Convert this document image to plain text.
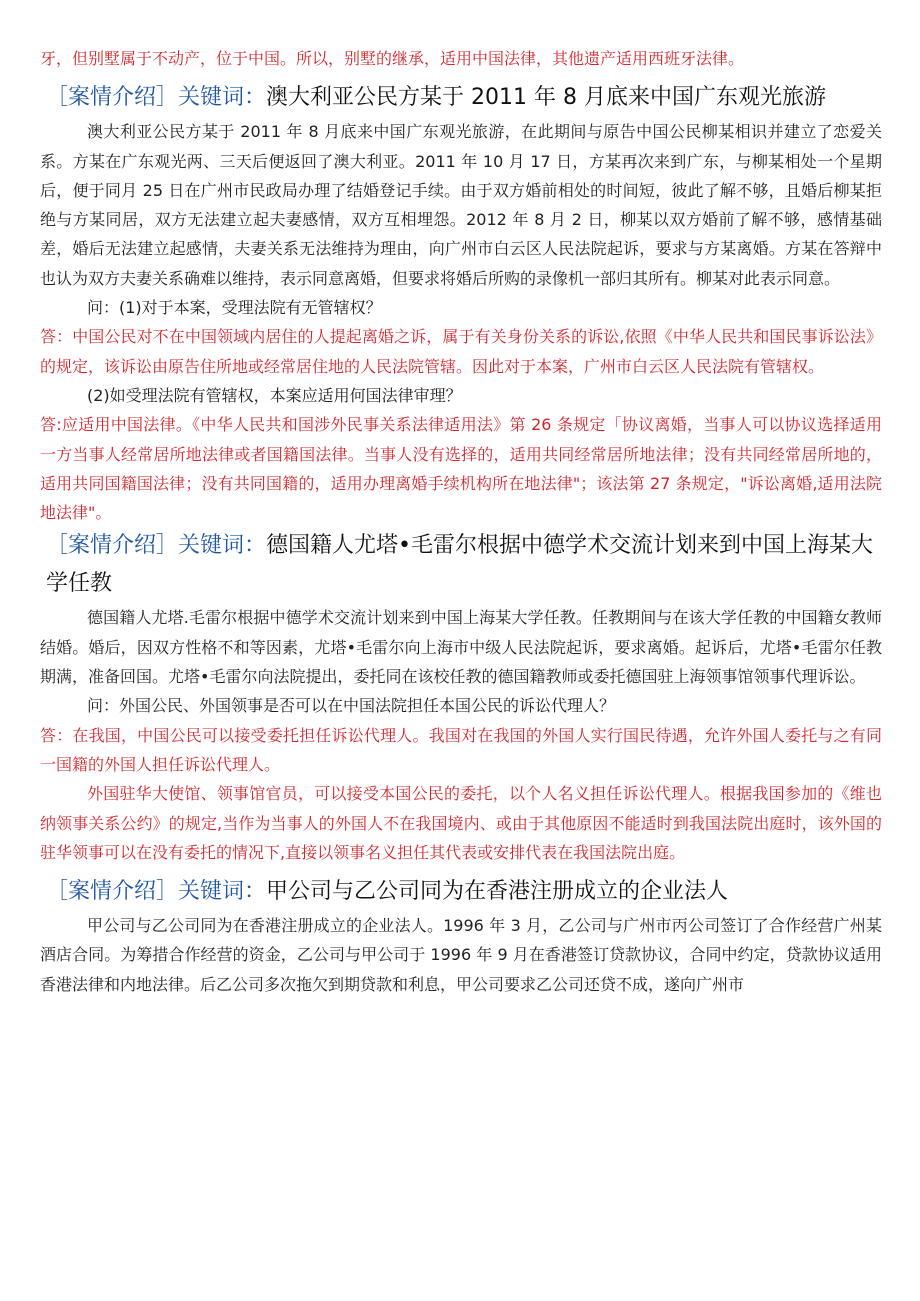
牙，但别墅属于不动产，位于中国。所以，别墅的继承，适用中国法律，其他遗产适用西班牙法律。

［案情介绍］关键词：澳大利亚公民方某于 2011 年 8 月底来中国广东观光旅游

澳大利亚公民方某于 2011 年 8 月底来中国广东观光旅游，在此期间与原告中国公民柳某相识并建立了恋爱关系。方某在广东观光两、三天后便返回了澳大利亚。2011 年 10 月 17 日，方某再次来到广东，与柳某相处一个星期后，便于同月 25 日在广州市民政局办理了结婚登记手续。由于双方婚前相处的时间短，彼此了解不够，且婚后柳某拒绝与方某同居，双方无法建立起夫妻感情，双方互相埋怨。2012 年 8 月 2 日，柳某以双方婚前了解不够，感情基础差，婚后无法建立起感情，夫妻关系无法维持为理由，向广州市白云区人民法院起诉，要求与方某离婚。方某在答辩中也认为双方夫妻关系确难以维持，表示同意离婚，但要求将婚后所购的录像机一部归其所有。柳某对此表示同意。

问：(1)对于本案，受理法院有无管辖权？

答：中国公民对不在中国领域内居住的人提起离婚之诉，属于有关身份关系的诉讼,依照《中华人民共和国民事诉讼法》的规定，该诉讼由原告住所地或经常居住地的人民法院管辖。因此对于本案，广州市白云区人民法院有管辖权。

(2)如受理法院有管辖权，本案应适用何国法律审理？

答:应适用中国法律。《中华人民共和国涉外民事关系法律适用法》第 26 条规定「协议离婚，当事人可以协议选择适用一方当事人经常居所地法律或者国籍国法律。当事人没有选择的，适用共同经常居所地法律；没有共同经常居所地的，适用共同国籍国法律；没有共同国籍的，适用办理离婚手续机构所在地法律"；该法第 27 条规定，"诉讼离婚,适用法院地法律"。

［案情介绍］关键词：德国籍人尤塔•毛雷尔根据中德学术交流计划来到中国上海某大学任教

德国籍人尤塔.毛雷尔根据中德学术交流计划来到中国上海某大学任教。任教期间与在该大学任教的中国籍女教师结婚。婚后，因双方性格不和等因素，尤塔•毛雷尔向上海市中级人民法院起诉，要求离婚。起诉后，尤塔•毛雷尔任教期满，准备回国。尤塔•毛雷尔向法院提出，委托同在该校任教的德国籍教师或委托德国驻上海领事馆领事代理诉讼。

问：外国公民、外国领事是否可以在中国法院担任本国公民的诉讼代理人？

答：在我国，中国公民可以接受委托担任诉讼代理人。我国对在我国的外国人实行国民待遇，允许外国人委托与之有同一国籍的外国人担任诉讼代理人。

外国驻华大使馆、领事馆官员，可以接受本国公民的委托，以个人名义担任诉讼代理人。根据我国参加的《维也纳领事关系公约》的规定,当作为当事人的外国人不在我国境内、或由于其他原因不能适时到我国法院出庭时，该外国的驻华领事可以在没有委托的情况下,直接以领事名义担任其代表或安排代表在我国法院出庭。

［案情介绍］关键词：甲公司与乙公司同为在香港注册成立的企业法人

甲公司与乙公司同为在香港注册成立的企业法人。1996 年 3 月，乙公司与广州市丙公司签订了合作经营广州某酒店合同。为筹措合作经营的资金，乙公司与甲公司于 1996 年 9 月在香港签订贷款协议，合同中约定，贷款协议适用香港法律和内地法律。后乙公司多次拖欠到期贷款和利息，甲公司要求乙公司还贷不成，遂向广州市
